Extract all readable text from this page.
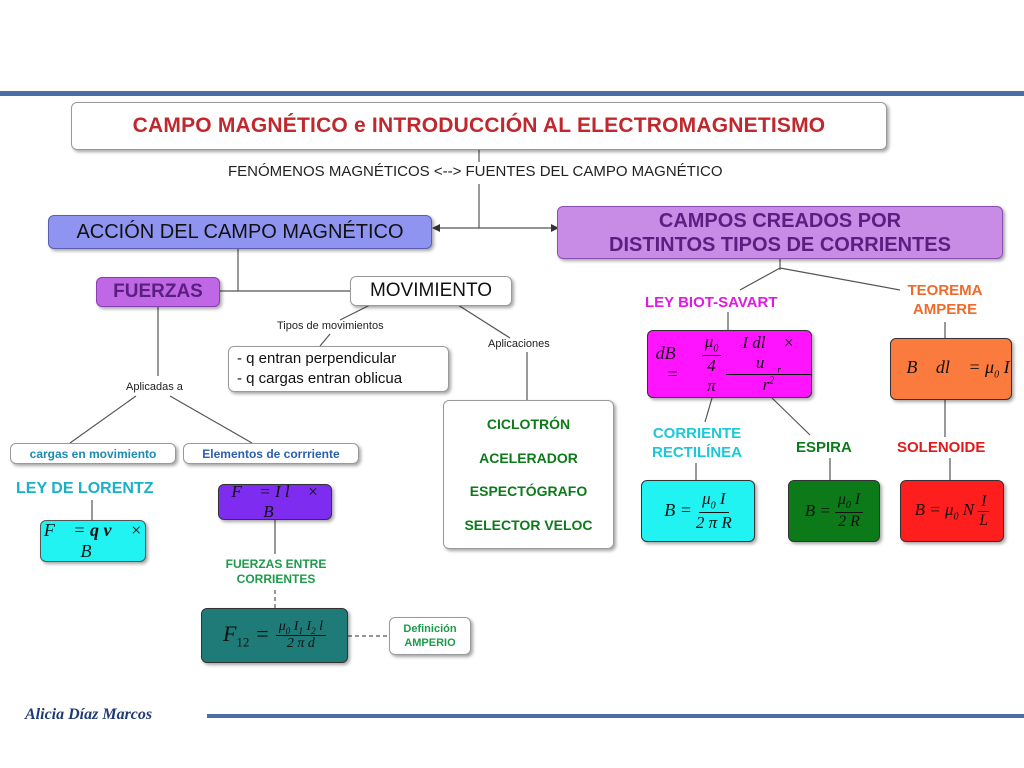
CAMPO MAGNÉTICO e INTRODUCCIÓN AL ELECTROMAGNETISMO
FENÓMENOS MAGNÉTICOS <--> FUENTES DEL CAMPO MAGNÉTICO
ACCIÓN DEL CAMPO MAGNÉTICO	CAMPOS CREADOS POR
DISTINTOS TIPOS DE CORRIENTES
FUERZAS	MOVIMIENTO
Tipos de movimientos
Aplicaciones
Aplicadas a
- q entran perpendicular
- q cargas entran oblicua
CICLOTRÓN
ACELERADOR
ESPECTÓGRAFO
SELECTOR VELOC
cargas en movimiento	Elementos de corrriente
LEY DE LORENTZ
F⃗ = q v⃗ × B⃗
F⃗ = I l⃗ × B⃗
FUERZAS ENTRE
CORRIENTES
$F_{12} = \frac{\mu_0 I_1 I_2 l}{\text{2 π d}}$	Definición
AMPERIO
LEY BIOT-SAVART
TEOREMA
AMPERE
dB⃗ =	$\frac{\mu_0}{4 \pi}$	I dl⃗ × $u⃗_r$
$r^2$
∮B⃗ dl⃗ = $\mu_0$ I
CORRIENTE
RECTILÍNEA	ESPIRA	SOLENOIDE
$B = \frac{\mu_0 I}{\text{2 π R}}$	$B = \frac{\mu_0 I}{2 R}$	$B = \mu_0$ N I
L
Alicia Díaz Marcos
